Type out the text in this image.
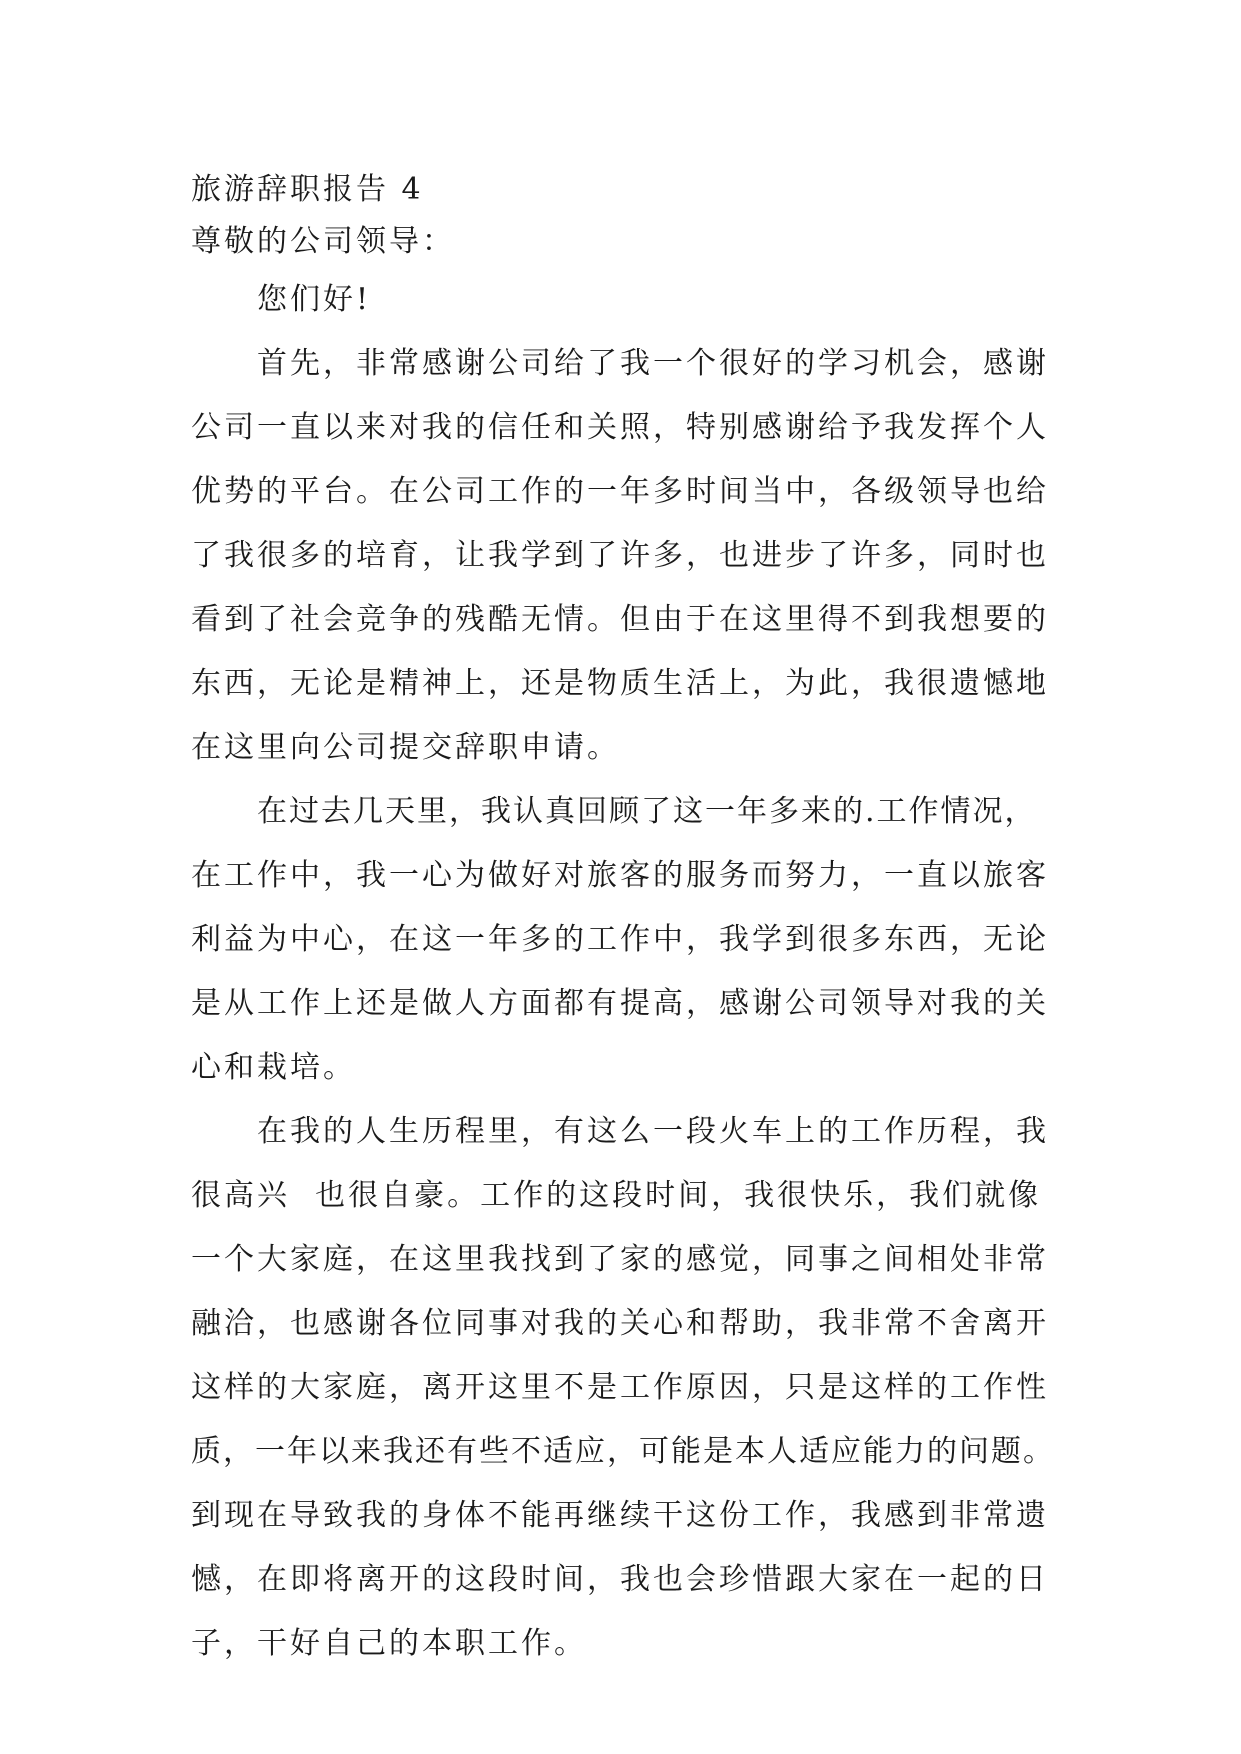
旅游辞职报告 4
尊敬的公司领导：
您们好!
首先，非常感谢公司给了我一个很好的学习机会，感谢
公司一直以来对我的信任和关照，特别感谢给予我发挥个人
优势的平台。在公司工作的一年多时间当中，各级领导也给
了我很多的培育，让我学到了许多，也进步了许多，同时也
看到了社会竞争的残酷无情。但由于在这里得不到我想要的
东西，无论是精神上，还是物质生活上，为此，我很遗憾地
在这里向公司提交辞职申请。
在过去几天里，我认真回顾了这一年多来的.工作情况，
在工作中，我一心为做好对旅客的服务而努力，一直以旅客
利益为中心，在这一年多的工作中，我学到很多东西，无论
是从工作上还是做人方面都有提高，感谢公司领导对我的关
心和栽培。
在我的人生历程里，有这么一段火车上的工作历程，我
很高兴  也很自豪。工作的这段时间，我很快乐，我们就像
一个大家庭，在这里我找到了家的感觉，同事之间相处非常
融洽，也感谢各位同事对我的关心和帮助，我非常不舍离开
这样的大家庭，离开这里不是工作原因，只是这样的工作性
质，一年以来我还有些不适应，可能是本人适应能力的问题。
到现在导致我的身体不能再继续干这份工作，我感到非常遗
憾，在即将离开的这段时间，我也会珍惜跟大家在一起的日
子，干好自己的本职工作。
